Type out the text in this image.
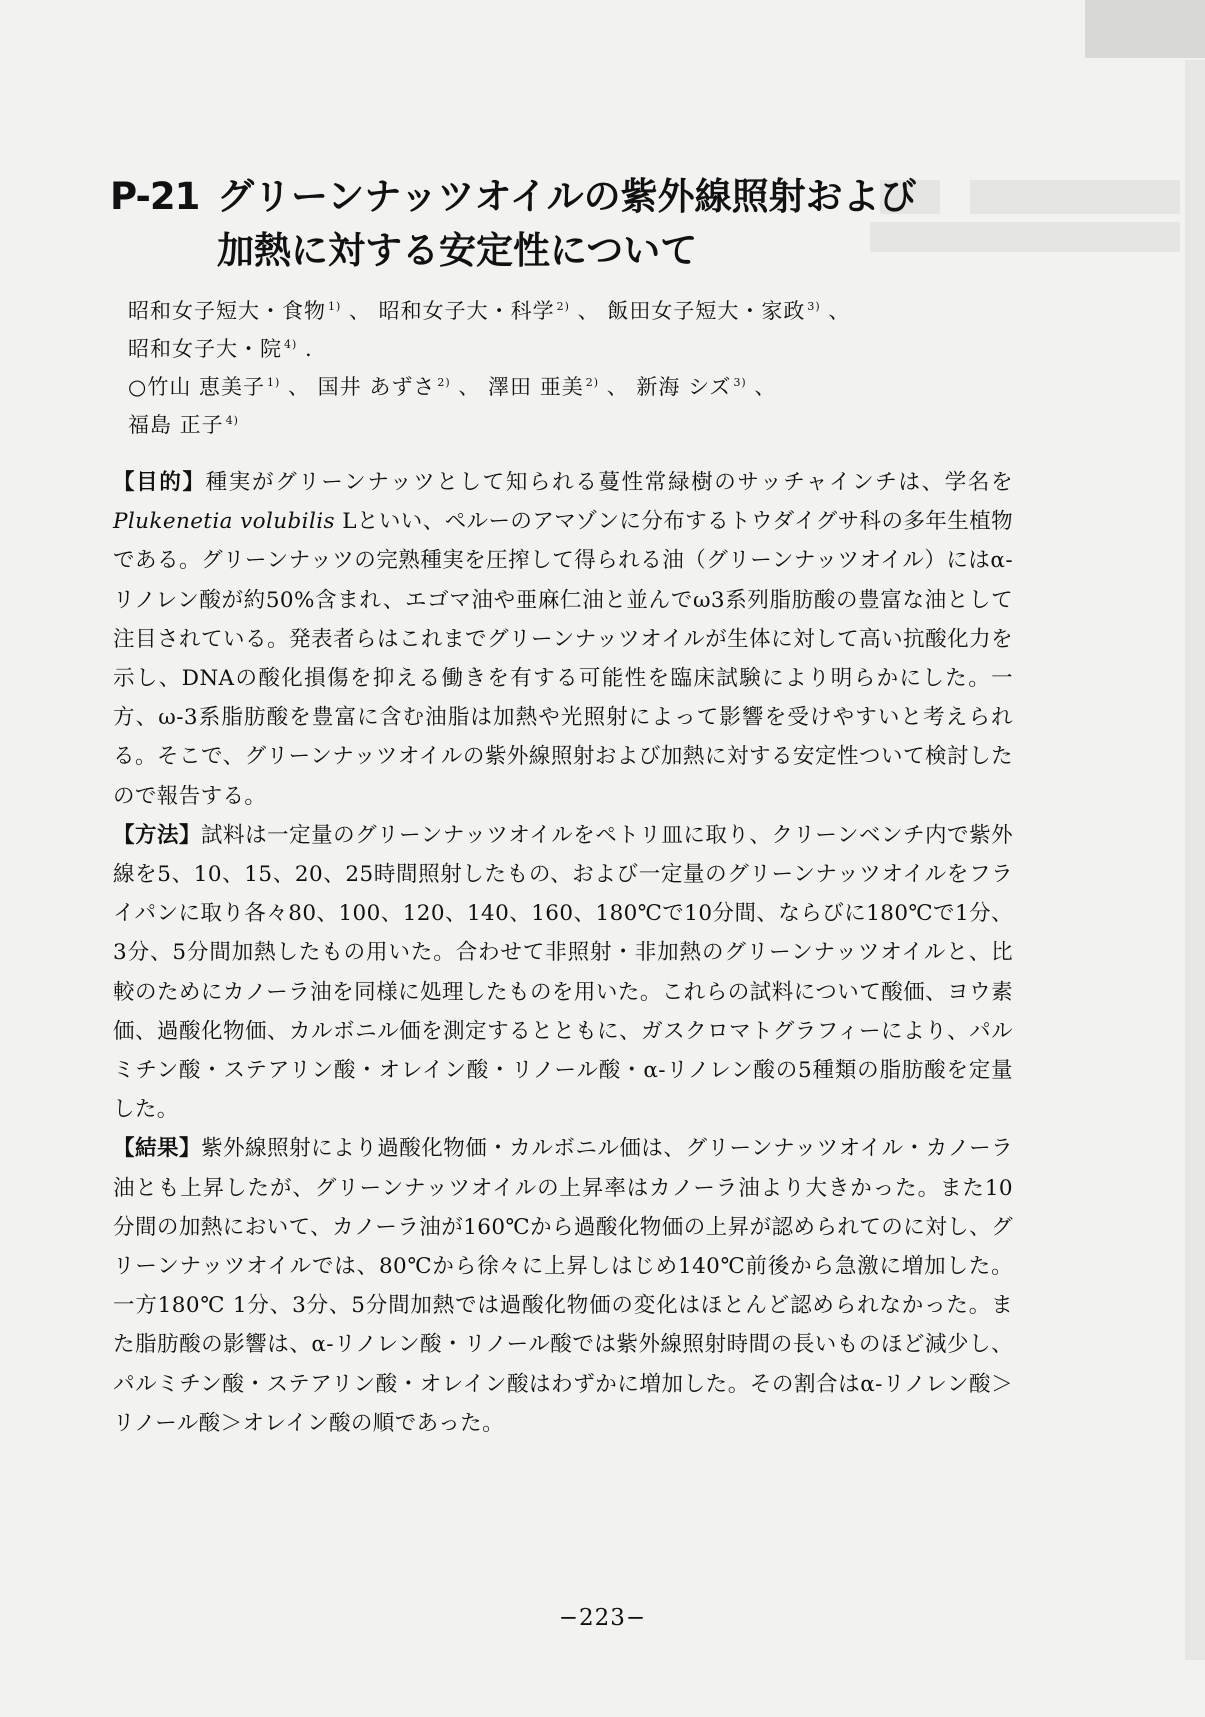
P-21 グリーンナッツオイルの紫外線照射および
加熱に対する安定性について
昭和女子短大・食物 $^{1)}$ 、 昭和女子大・科学 $^{2)}$ 、 飯田女子短大・家政 $^{3)}$ 、
昭和女子大・院 $^{4)}$ .
○竹山 恵美子 $^{1)}$ 、 国井 あずさ $^{2)}$ 、 澤田 亜美 $^{2)}$ 、 新海 シズ $^{3)}$ 、
福島 正子 $^{4)}$

【目的】種実がグリーンナッツとして知られる蔓性常緑樹のサッチャインチは、学名をPlukenetia volubilis Lといい、ペルーのアマゾンに分布するトウダイグサ科の多年生植物である。グリーンナッツの完熟種実を圧搾して得られる油（グリーンナッツオイル）にはα-リノレン酸が約50%含まれ、エゴマ油や亜麻仁油と並んでω3系列脂肪酸の豊富な油として注目されている。発表者らはこれまでグリーンナッツオイルが生体に対して高い抗酸化力を示し、DNAの酸化損傷を抑える働きを有する可能性を臨床試験により明らかにした。一方、ω-3系脂肪酸を豊富に含む油脂は加熱や光照射によって影響を受けやすいと考えられる。そこで、グリーンナッツオイルの紫外線照射および加熱に対する安定性ついて検討したので報告する。

【方法】試料は一定量のグリーンナッツオイルをペトリ皿に取り、クリーンベンチ内で紫外線を5、10、15、20、25時間照射したもの、および一定量のグリーンナッツオイルをフライパンに取り各々80、100、120、140、160、180℃で10分間、ならびに180℃で1分、3分、5分間加熱したもの用いた。合わせて非照射・非加熱のグリーンナッツオイルと、比較のためにカノーラ油を同様に処理したものを用いた。これらの試料について酸価、ヨウ素価、過酸化物価、カルボニル価を測定するとともに、ガスクロマトグラフィーにより、パルミチン酸・ステアリン酸・オレイン酸・リノール酸・α-リノレン酸の5種類の脂肪酸を定量した。

【結果】紫外線照射により過酸化物価・カルボニル価は、グリーンナッツオイル・カノーラ油とも上昇したが、グリーンナッツオイルの上昇率はカノーラ油より大きかった。また10分間の加熱において、カノーラ油が160℃から過酸化物価の上昇が認められてのに対し、グリーンナッツオイルでは、80℃から徐々に上昇しはじめ140℃前後から急激に増加した。一方180℃ 1分、3分、5分間加熱では過酸化物価の変化はほとんど認められなかった。また脂肪酸の影響は、α-リノレン酸・リノール酸では紫外線照射時間の長いものほど減少し、パルミチン酸・ステアリン酸・オレイン酸はわずかに増加した。その割合はα-リノレン酸＞リノール酸＞オレイン酸の順であった。

−223−
